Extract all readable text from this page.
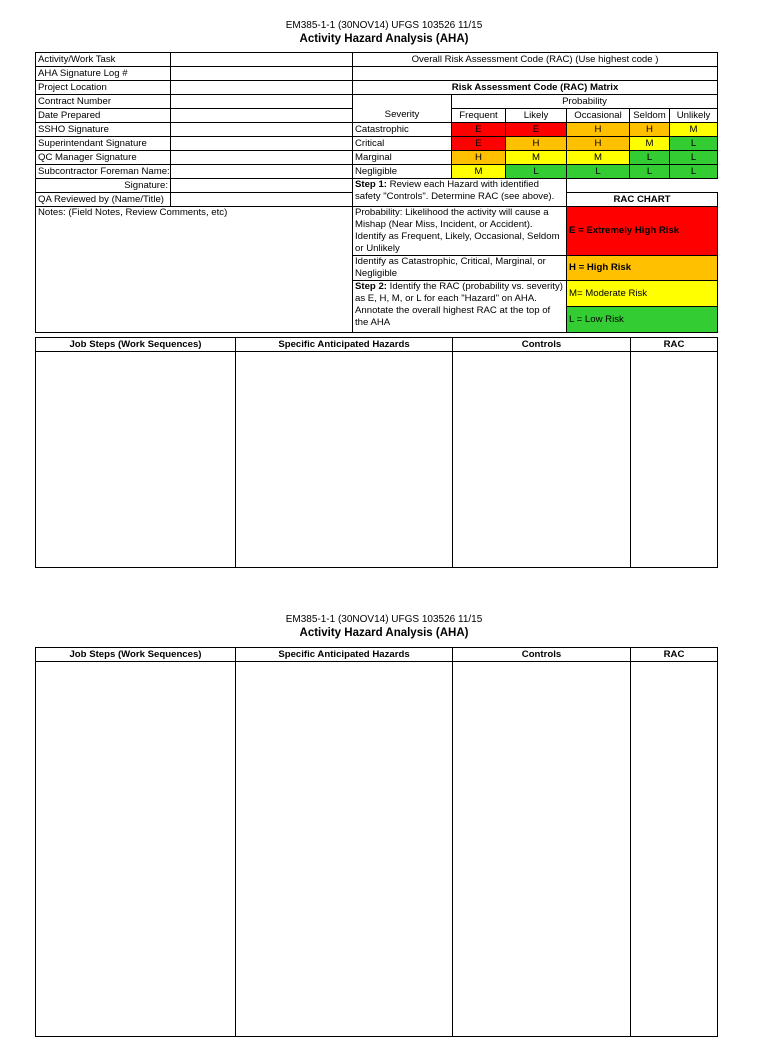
EM385-1-1 (30NOV14) UFGS 103526 11/15
Activity Hazard Analysis (AHA)
Activity/Work Task		Overall Risk Assessment Code (RAC) (Use highest code )					
AHA Signature Log #							
Project Location		Risk Assessment Code (RAC) Matrix					
Contract Number			Probability				
Date Prepared		Severity	Frequent	Likely	Occasional	Seldom	Unlikely
SSHO Signature		Catastrophic	E	E	H	H	M
Superintendant Signature		Critical	E	H	H	M	L
QC Manager Signature		Marginal	H	M	M	L	L
Subcontractor Foreman Name:		Negligible	M	L	L	L	L
Signature:		Step 1: Review each Hazard with identified safety "Controls". Determine RAC (see above).					
QA Reviewed by (Name/Title)					RAC CHART		
Notes: (Field Notes, Review Comments, etc)		Probability: Likelihood the activity will cause a Mishap (Near Miss, Incident, or Accident). Identify as Frequent, Likely, Occasional, Seldom or Unlikely			E = Extremely High Risk		
		Identify as Catastrophic, Critical, Marginal, or Negligible			H = High Risk		
		Step 2: Identify the RAC (probability vs. severity) as E, H, M, or L for each "Hazard" on AHA. Annotate the overall highest RAC at the top of the AHA			M= Moderate Risk		
					L = Low Risk		
Job Steps (Work Sequences)	Specific Anticipated Hazards	Controls	RAC

EM385-1-1 (30NOV14) UFGS 103526 11/15
Activity Hazard Analysis (AHA)
Job Steps (Work Sequences)	Specific Anticipated Hazards	Controls	RAC
